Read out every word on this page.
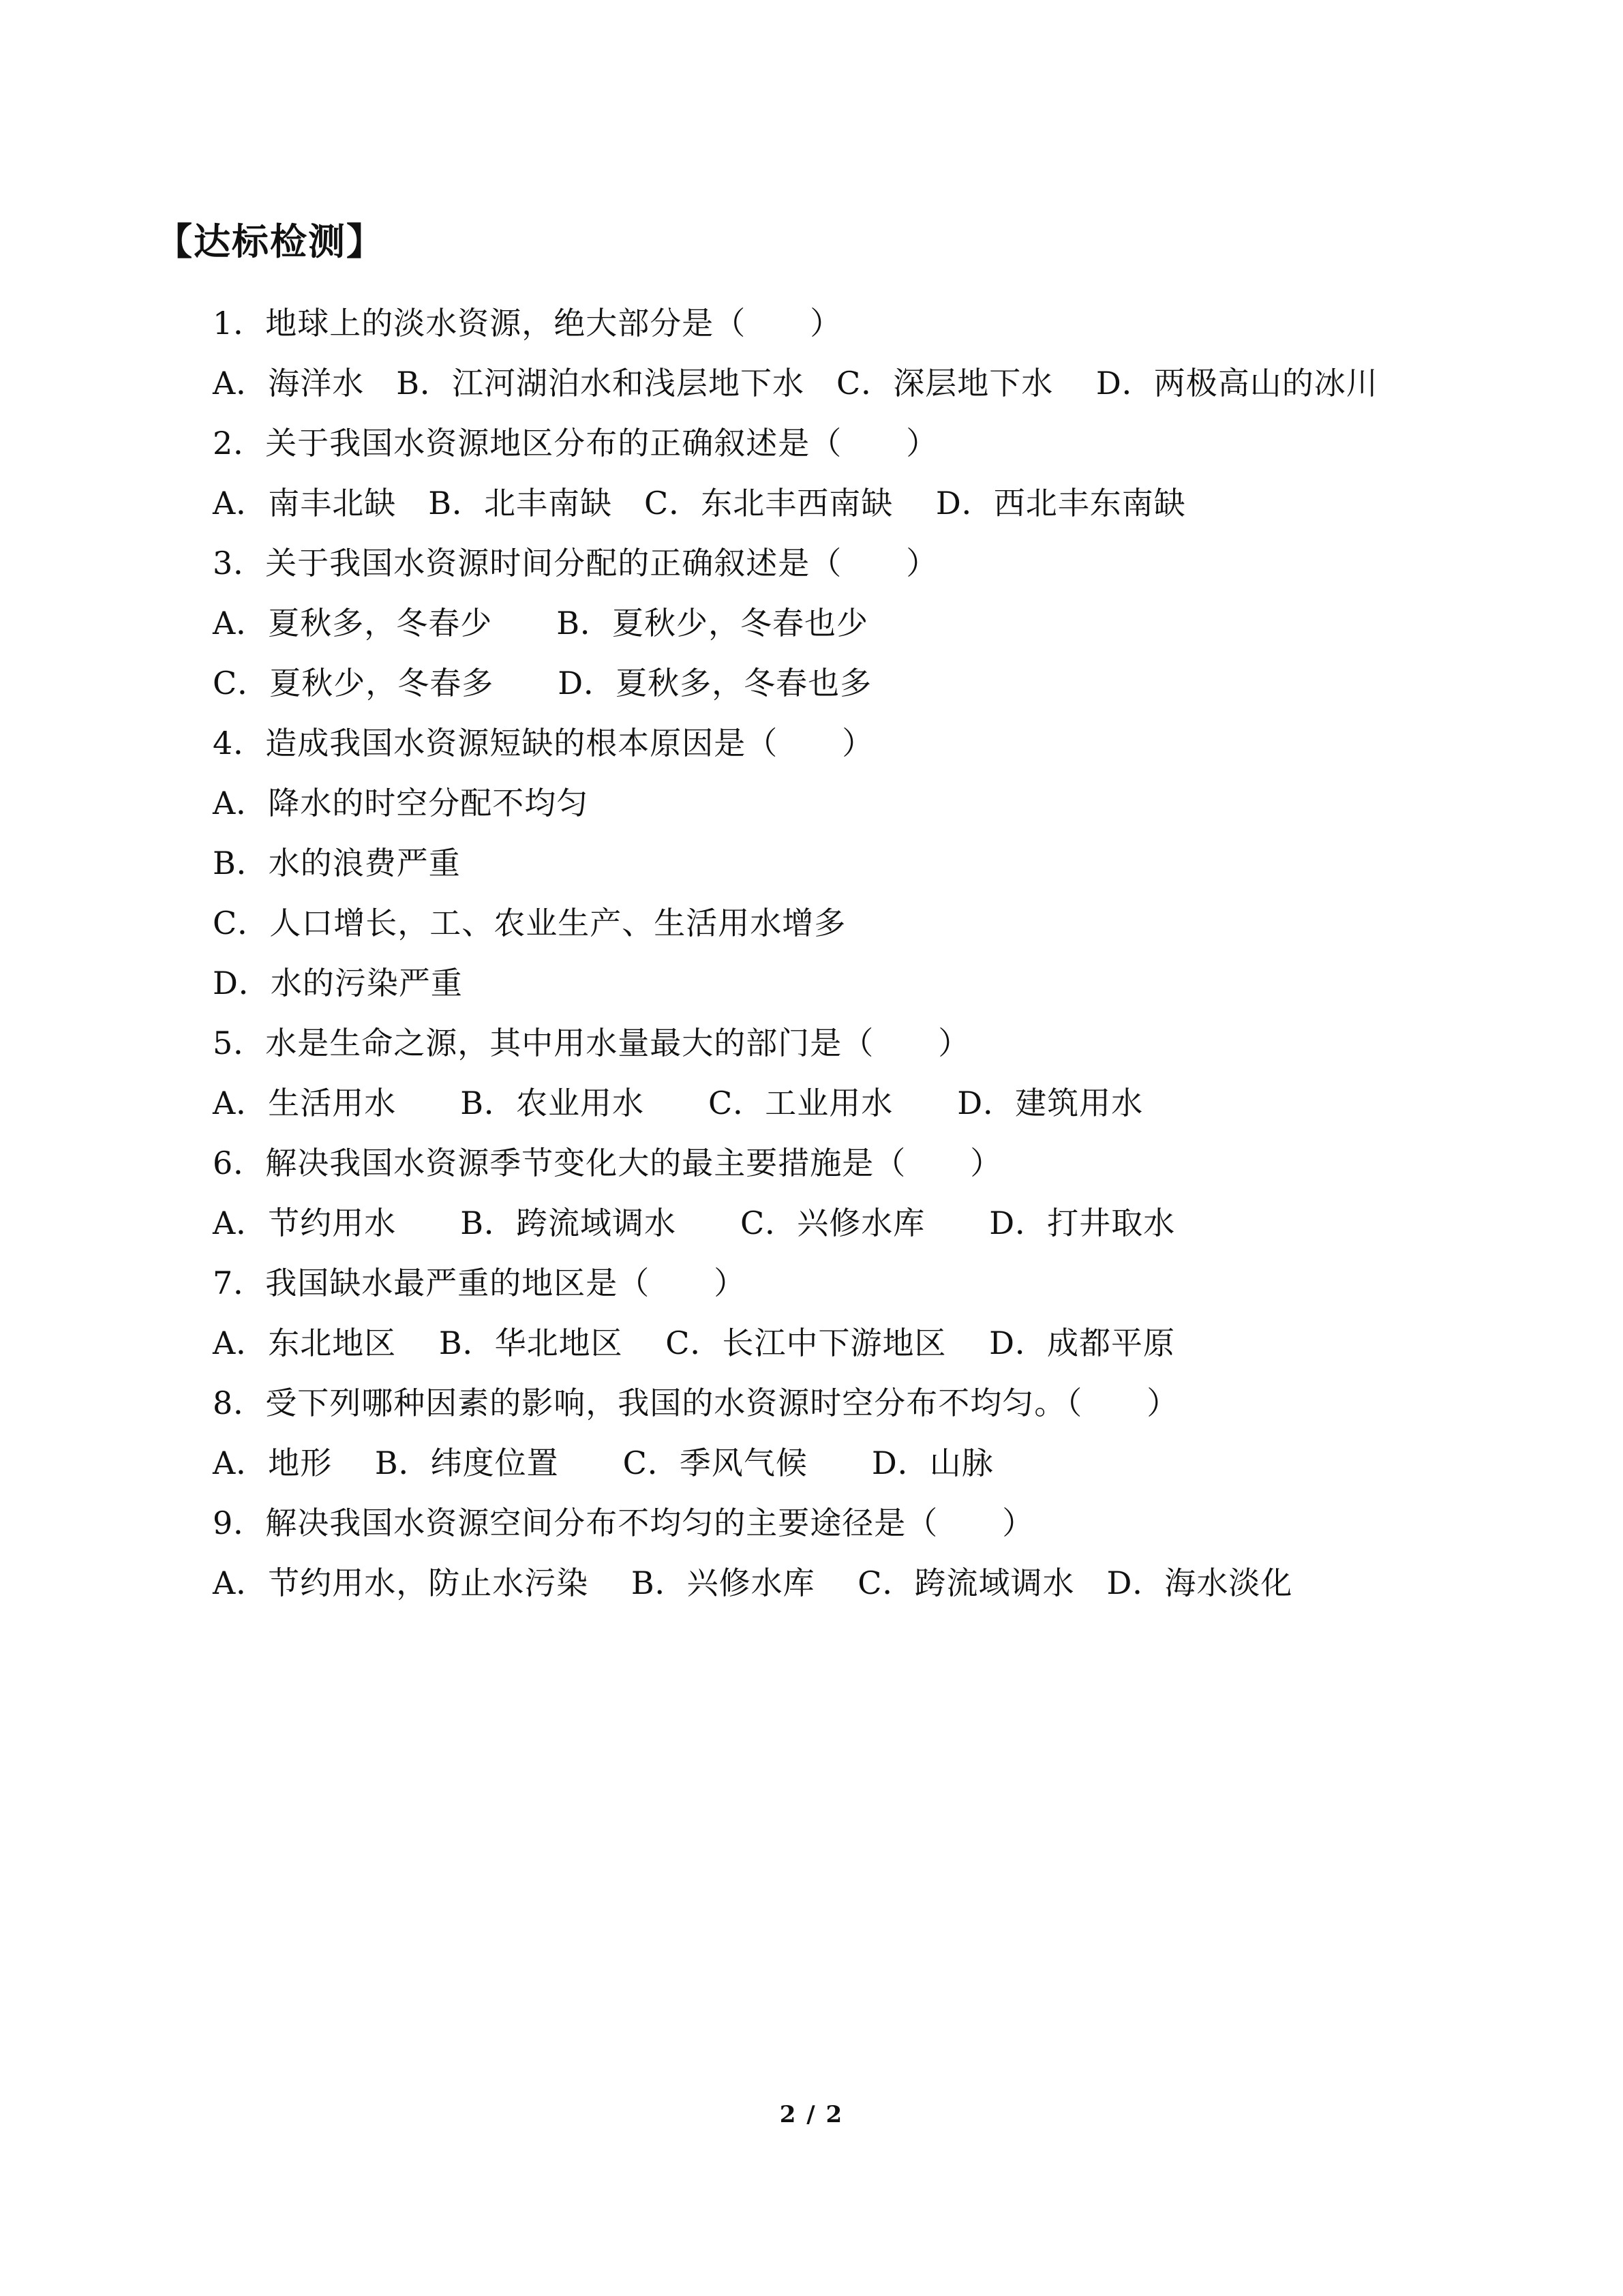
【达标检测】
1．地球上的淡水资源，绝大部分是（　　）
A．海洋水　B．江河湖泊水和浅层地下水　C．深层地下水　 D．两极高山的冰川
2．关于我国水资源地区分布的正确叙述是（　　）
A．南丰北缺　B．北丰南缺　C．东北丰西南缺　 D．西北丰东南缺
3．关于我国水资源时间分配的正确叙述是（　　）
A．夏秋多，冬春少　　B．夏秋少，冬春也少
C．夏秋少，冬春多　　D．夏秋多，冬春也多
4．造成我国水资源短缺的根本原因是（　　）
A．降水的时空分配不均匀
B．水的浪费严重
C．人口增长，工、农业生产、生活用水增多
D．水的污染严重
5．水是生命之源，其中用水量最大的部门是（　　）
A．生活用水　　B．农业用水　　C．工业用水　　D．建筑用水
6．解决我国水资源季节变化大的最主要措施是（　　）
A．节约用水　　B．跨流域调水　　C．兴修水库　　D．打井取水
7．我国缺水最严重的地区是（　　）
A．东北地区　 B．华北地区　 C．长江中下游地区　 D．成都平原
8．受下列哪种因素的影响，我国的水资源时空分布不均匀。（　　）
A．地形　 B．纬度位置　　C．季风气候　　D．山脉
9．解决我国水资源空间分布不均匀的主要途径是（　　）
A．节约用水，防止水污染　 B．兴修水库　 C．跨流域调水　D．海水淡化
2 / 2
